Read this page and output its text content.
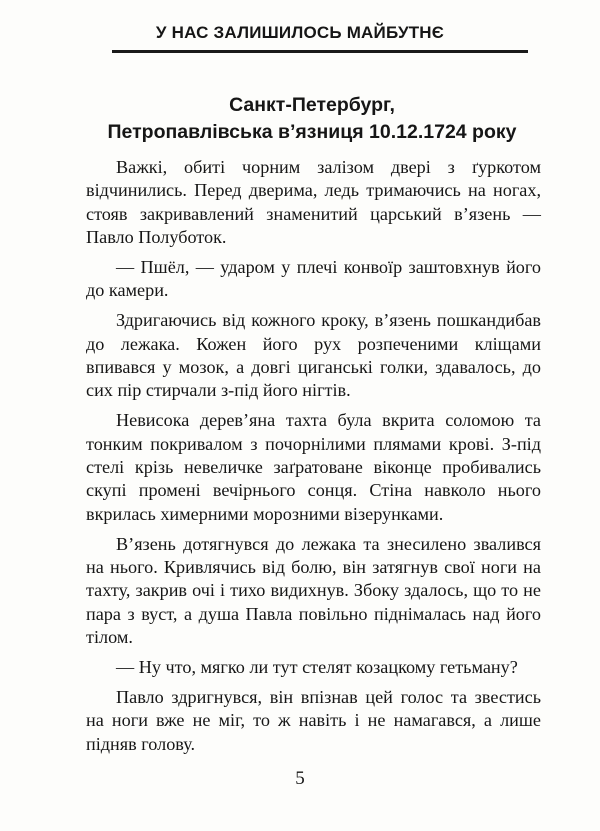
У НАС ЗАЛИШИЛОСЬ МАЙБУТНЄ
Санкт-Петербург,
Петропавлівська в’язниця 10.12.1724 року

Важкі, обиті чорним залізом двері з ґуркотом відчинились. Перед дверима, ледь тримаючись на ногах, стояв закривавлений знаменитий царський в’язень — Павло Полуботок.

— Пшёл, — ударом у плечі конвоїр заштовхнув його до камери.

Здригаючись від кожного кроку, в’язень пошкандибав до лежака. Кожен його рух розпеченими кліщами впивався у мозок, а довгі циганські голки, здавалось, до сих пір стирчали з-під його нігтів.

Невисока дерев’яна тахта була вкрита соломою та тонким покривалом з почорнілими плямами крові. З-під стелі крізь невеличке заґратоване віконце пробивались скупі промені вечірнього сонця. Стіна навколо нього вкрилась химерними морозними візерунками.

В’язень дотягнувся до лежака та знесилено звалився на нього. Кривлячись від болю, він затягнув свої ноги на тахту, закрив очі і тихо видихнув. Збоку здалось, що то не пара з вуст, а душа Павла повільно піднімалась над його тілом.

— Ну что, мягко ли тут стелят козацкому гетьману?

Павло здригнувся, він впізнав цей голос та звестись на ноги вже не міг, то ж навіть і не намагався, а лише підняв голову.

5
